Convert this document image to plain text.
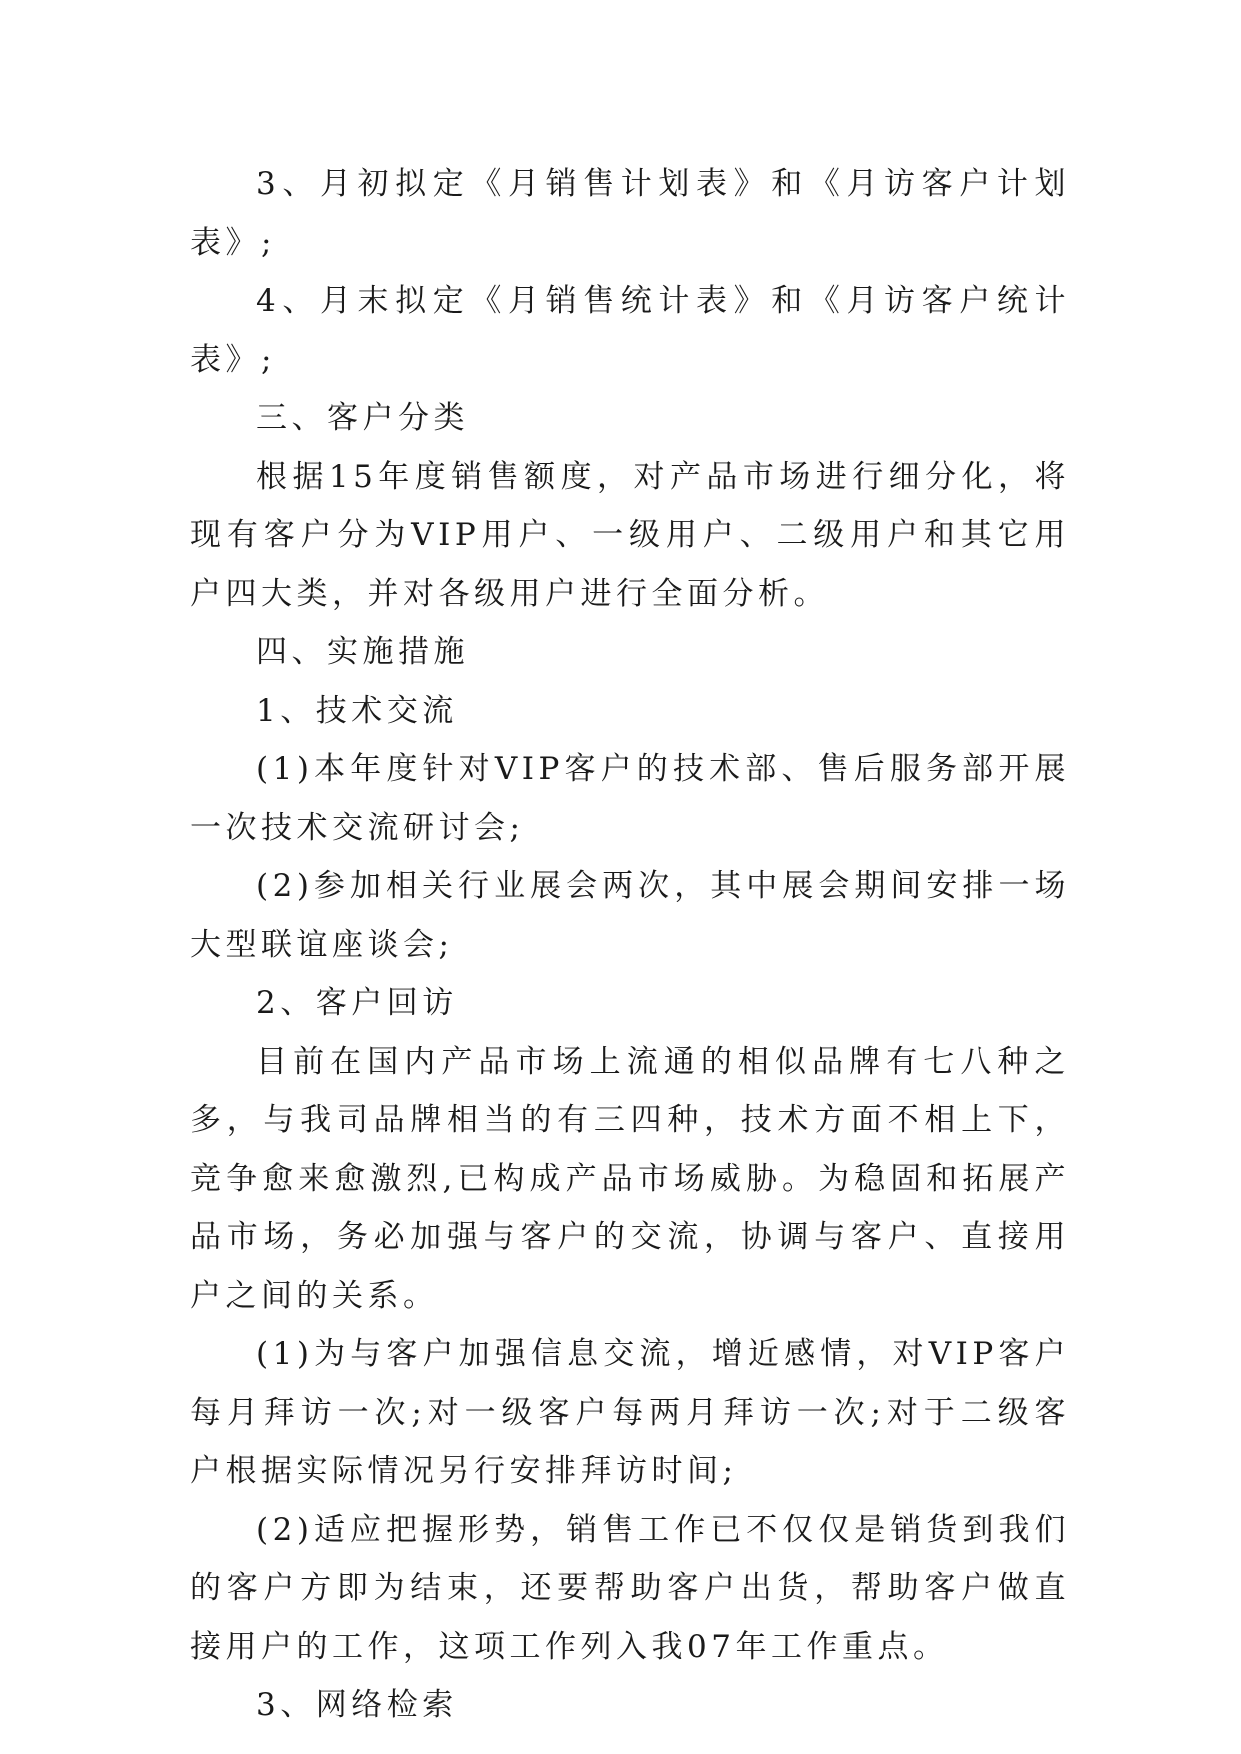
3、月初拟定《月销售计划表》和《月访客户计划表》;

4、月末拟定《月销售统计表》和《月访客户统计表》;

三、客户分类

根据15年度销售额度，对产品市场进行细分化，将现有客户分为VIP用户、一级用户、二级用户和其它用户四大类，并对各级用户进行全面分析。

四、实施措施

1、技术交流

(1)本年度针对VIP客户的技术部、售后服务部开展一次技术交流研讨会;

(2)参加相关行业展会两次，其中展会期间安排一场大型联谊座谈会;

2、客户回访

目前在国内产品市场上流通的相似品牌有七八种之多，与我司品牌相当的有三四种，技术方面不相上下，竞争愈来愈激烈,已构成产品市场威胁。为稳固和拓展产品市场，务必加强与客户的交流，协调与客户、直接用户之间的关系。

(1)为与客户加强信息交流，增近感情，对VIP客户每月拜访一次;对一级客户每两月拜访一次;对于二级客户根据实际情况另行安排拜访时间;

(2)适应把握形势，销售工作已不仅仅是销货到我们的客户方即为结束，还要帮助客户出货，帮助客户做直接用户的工作，这项工作列入我07年工作重点。

3、网络检索
